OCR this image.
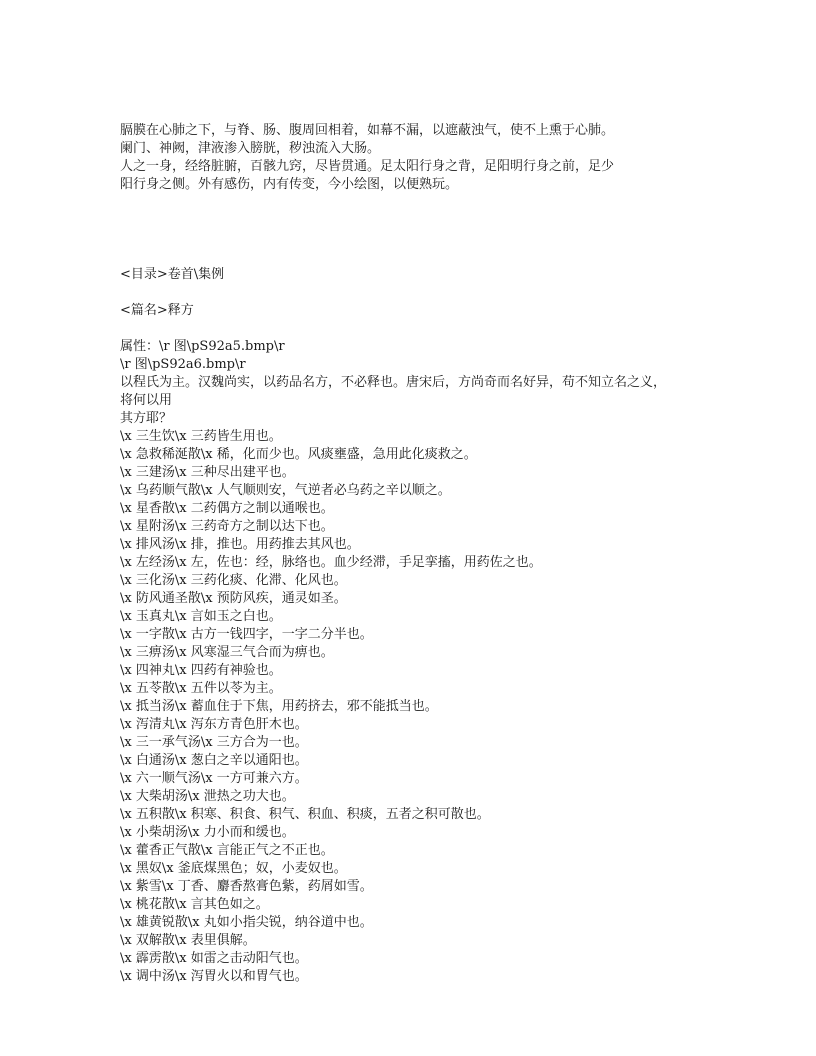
膈膜在心肺之下，与脊、肠、腹周回相着，如幕不漏，以遮蔽浊气，使不上熏于心肺。
阑门、神阙，津液渗入膀胱，秽浊流入大肠。
人之一身，经络脏腑，百骸九窍，尽皆贯通。足太阳行身之背，足阳明行身之前，足少
阳行身之侧。外有感伤，内有传变，今小绘图，以便熟玩。
<目录>卷首\集例
<篇名>释方
属性：\r 图\pS92a5.bmp\r
\r 图\pS92a6.bmp\r
以程氏为主。汉魏尚实，以药品名方，不必释也。唐宋后，方尚奇而名好异，苟不知立名之义，
将何以用
其方耶？
\x 三生饮\x 三药皆生用也。
\x 急救稀涎散\x 稀，化而少也。风痰壅盛，急用此化痰救之。
\x 三建汤\x 三种尽出建平也。
\x 乌药顺气散\x 人气顺则安，气逆者必乌药之辛以顺之。
\x 星香散\x 二药偶方之制以通喉也。
\x 星附汤\x 三药奇方之制以达下也。
\x 排风汤\x 排，推也。用药推去其风也。
\x 左经汤\x 左，佐也：经，脉络也。血少经滞，手足挛搐，用药佐之也。
\x 三化汤\x 三药化痰、化滞、化风也。
\x 防风通圣散\x 预防风疾，通灵如圣。
\x 玉真丸\x 言如玉之白也。
\x 一字散\x 古方一钱四字，一字二分半也。
\x 三痹汤\x 风寒湿三气合而为痹也。
\x 四神丸\x 四药有神验也。
\x 五苓散\x 五件以苓为主。
\x 抵当汤\x 蓄血住于下焦，用药挤去，邪不能抵当也。
\x 泻清丸\x 泻东方青色肝木也。
\x 三一承气汤\x 三方合为一也。
\x 白通汤\x 葱白之辛以通阳也。
\x 六一顺气汤\x 一方可兼六方。
\x 大柴胡汤\x 泄热之功大也。
\x 五积散\x 积寒、积食、积气、积血、积痰，五者之积可散也。
\x 小柴胡汤\x 力小而和缓也。
\x 藿香正气散\x 言能正气之不正也。
\x 黑奴\x 釜底煤黑色；奴，小麦奴也。
\x 紫雪\x 丁香、麝香熬膏色紫，药屑如雪。
\x 桃花散\x 言其色如之。
\x 雄黄锐散\x 丸如小指尖锐，纳谷道中也。
\x 双解散\x 表里俱解。
\x 霹雳散\x 如雷之击动阳气也。
\x 调中汤\x 泻胃火以和胃气也。
